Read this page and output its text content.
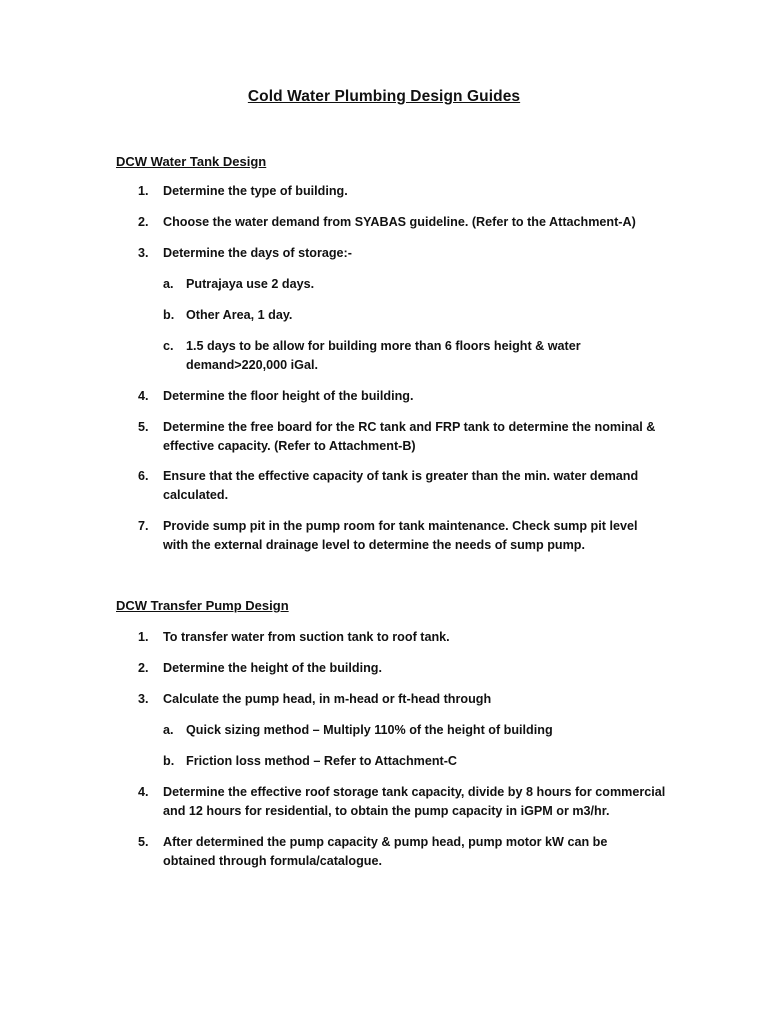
Cold Water Plumbing Design Guides
DCW Water Tank Design
1.	Determine the type of building.
2.	Choose the water demand from SYABAS guideline. (Refer to the Attachment-A)
3.	Determine the days of storage:-
a. Putrajaya use 2 days.
b. Other Area, 1 day.
c. 1.5 days to be allow for building more than 6 floors height & water demand>220,000 iGal.
4.	Determine the floor height of the building.
5.	Determine the free board for the RC tank and FRP tank to determine the nominal & effective capacity. (Refer to Attachment-B)
6.	Ensure that the effective capacity of tank is greater than the min. water demand calculated.
7.	Provide sump pit in the pump room for tank maintenance. Check sump pit level with the external drainage level to determine the needs of sump pump.
DCW Transfer Pump Design
1.	To transfer water from suction tank to roof tank.
2.	Determine the height of the building.
3.	Calculate the pump head, in m-head or ft-head through
a. Quick sizing method – Multiply 110% of the height of building
b. Friction loss method – Refer to Attachment-C
4.	Determine the effective roof storage tank capacity, divide by 8 hours for commercial and 12 hours for residential, to obtain the pump capacity in iGPM or m3/hr.
5.	After determined the pump capacity & pump head, pump motor kW can be obtained through formula/catalogue.
